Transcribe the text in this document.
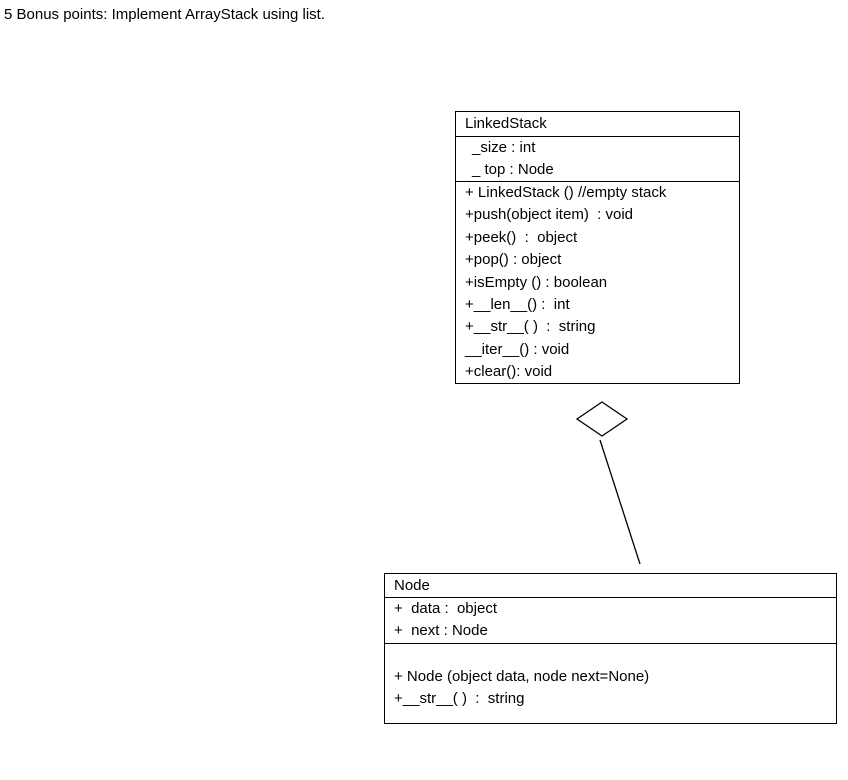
5 Bonus points: Implement ArrayStack using list.
LinkedStack
_size : int
_ top : Node
+ LinkedStack () //empty stack
+push(object item)  : void
+peek()  :  object
+pop() : object
+isEmpty () : boolean
+__len__() :  int
+__str__( )  :  string
__iter__() : void
+clear(): void
Node
+  data :  object
+  next : Node
+ Node (object data, node next=None)
+__str__( )  :  string
